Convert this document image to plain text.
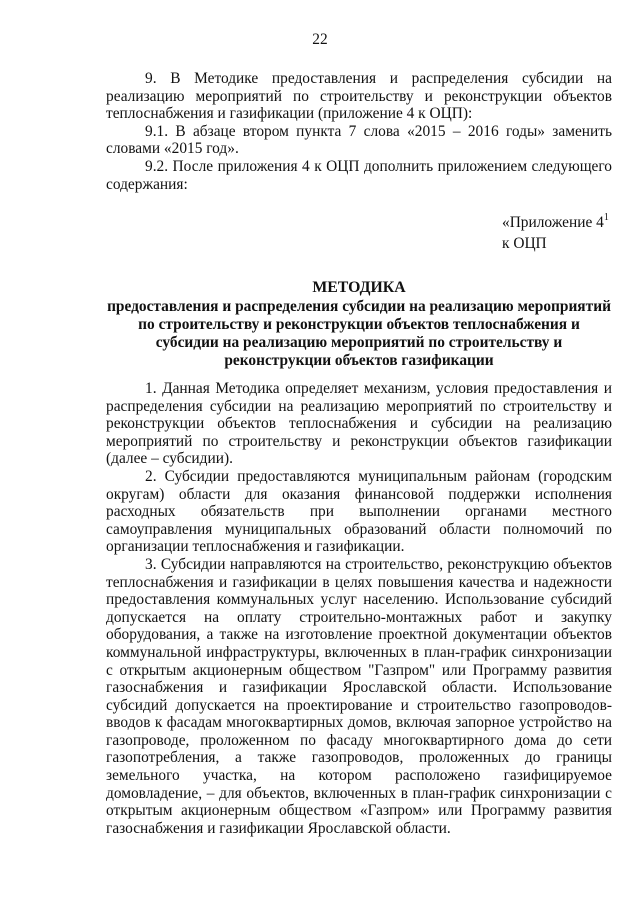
22

9. В Методике предоставления и распределения субсидии на реализацию мероприятий по строительству и реконструкции объектов теплоснабжения и газификации (приложение 4 к ОЦП):

9.1. В абзаце втором пункта 7 слова «2015 – 2016 годы» заменить словами «2015 год».

9.2. После приложения 4 к ОЦП дополнить приложением следующего содержания:

«Приложение $4^1$
к ОЦП
МЕТОДИКА
предоставления и распределения субсидии на реализацию мероприятий по строительству и реконструкции объектов теплоснабжения и субсидии на реализацию мероприятий по строительству и реконструкции объектов газификации

1. Данная Методика определяет механизм, условия предоставления и распределения субсидии на реализацию мероприятий по строительству и реконструкции объектов теплоснабжения и субсидии на реализацию мероприятий по строительству и реконструкции объектов газификации (далее – субсидии).

2. Субсидии предоставляются муниципальным районам (городским округам) области для оказания финансовой поддержки исполнения расходных обязательств при выполнении органами местного самоуправления муниципальных образований области полномочий по организации теплоснабжения и газификации.

3. Субсидии направляются на строительство, реконструкцию объектов теплоснабжения и газификации в целях повышения качества и надежности предоставления коммунальных услуг населению. Использование субсидий допускается на оплату строительно-монтажных работ и закупку оборудования, а также на изготовление проектной документации объектов коммунальной инфраструктуры, включенных в план-график синхронизации с открытым акционерным обществом "Газпром" или Программу развития газоснабжения и газификации Ярославской области. Использование субсидий допускается на проектирование и строительство газопроводов-вводов к фасадам многоквартирных домов, включая запорное устройство на газопроводе, проложенном по фасаду многоквартирного дома до сети газопотребления, а также газопроводов, проложенных до границы земельного участка, на котором расположено газифицируемое домовладение, – для объектов, включенных в план-график синхронизации с открытым акционерным обществом «Газпром» или Программу развития газоснабжения и газификации Ярославской области.
